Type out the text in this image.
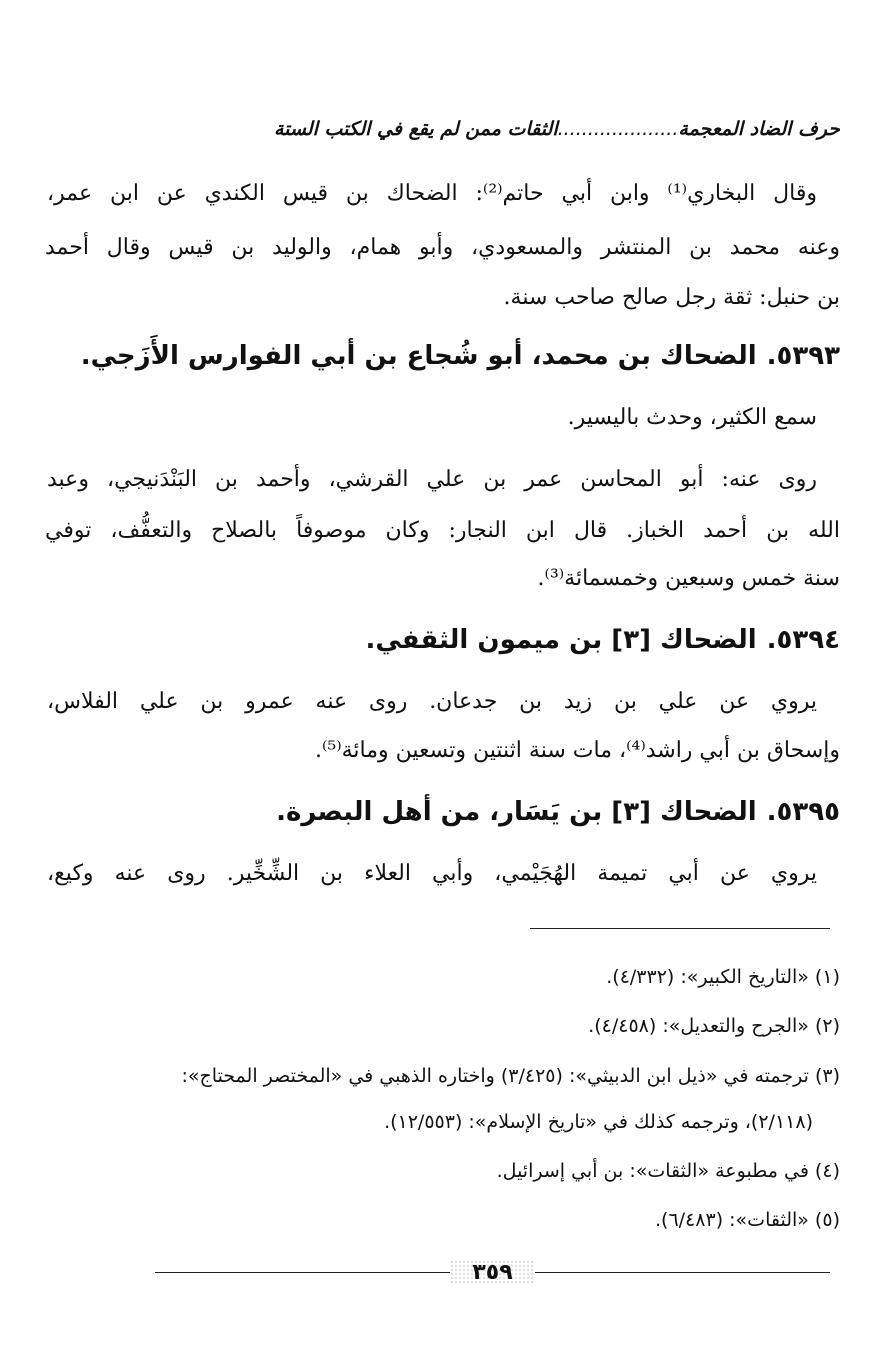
حرف الضاد المعجمة....................الثقات ممن لم يقع في الكتب الستة
وقال البخاري⁽¹⁾ وابن أبي حاتم⁽²⁾: الضحاك بن قيس الكندي عن ابن عمر،
وعنه محمد بن المنتشر والمسعودي، وأبو همام، والوليد بن قيس وقال أحمد
بن حنبل: ثقة رجل صالح صاحب سنة.
٥٣٩٣.الضحاك بن محمد، أبو شُجاع بن أبي الفوارس الأَزَجي.
سمع الكثير، وحدث باليسير.
روى عنه: أبو المحاسن عمر بن علي القرشي، وأحمد بن البَنْدَنيجي، وعبد
الله بن أحمد الخباز. قال ابن النجار: وكان موصوفاً بالصلاح والتعفُّف، توفي
سنة خمس وسبعين وخمسمائة⁽³⁾.
٥٣٩٤.الضحاك [٣] بن ميمون الثقفي.
يروي عن علي بن زيد بن جدعان. روى عنه عمرو بن علي الفلاس،
وإسحاق بن أبي راشد⁽⁴⁾، مات سنة اثنتين وتسعين ومائة⁽⁵⁾.
٥٣٩٥.الضحاك [٣] بن يَسَار، من أهل البصرة.
يروي عن أبي تميمة الهُجَيْمي، وأبي العلاء بن الشِّخِّير. روى عنه وكيع،
(١) «التاريخ الكبير»: (٤/٣٣٢).
(٢) «الجرح والتعديل»: (٤/٤٥٨).
(٣) ترجمته في «ذيل ابن الدبيثي»: (٣/٤٢٥) واختاره الذهبي في «المختصر المحتاج»:
(٢/١١٨)، وترجمه كذلك في «تاريخ الإسلام»: (١٢/٥٥٣).
(٤) في مطبوعة «الثقات»: بن أبي إسرائيل.
(٥) «الثقات»: (٦/٤٨٣).
٣٥٩
